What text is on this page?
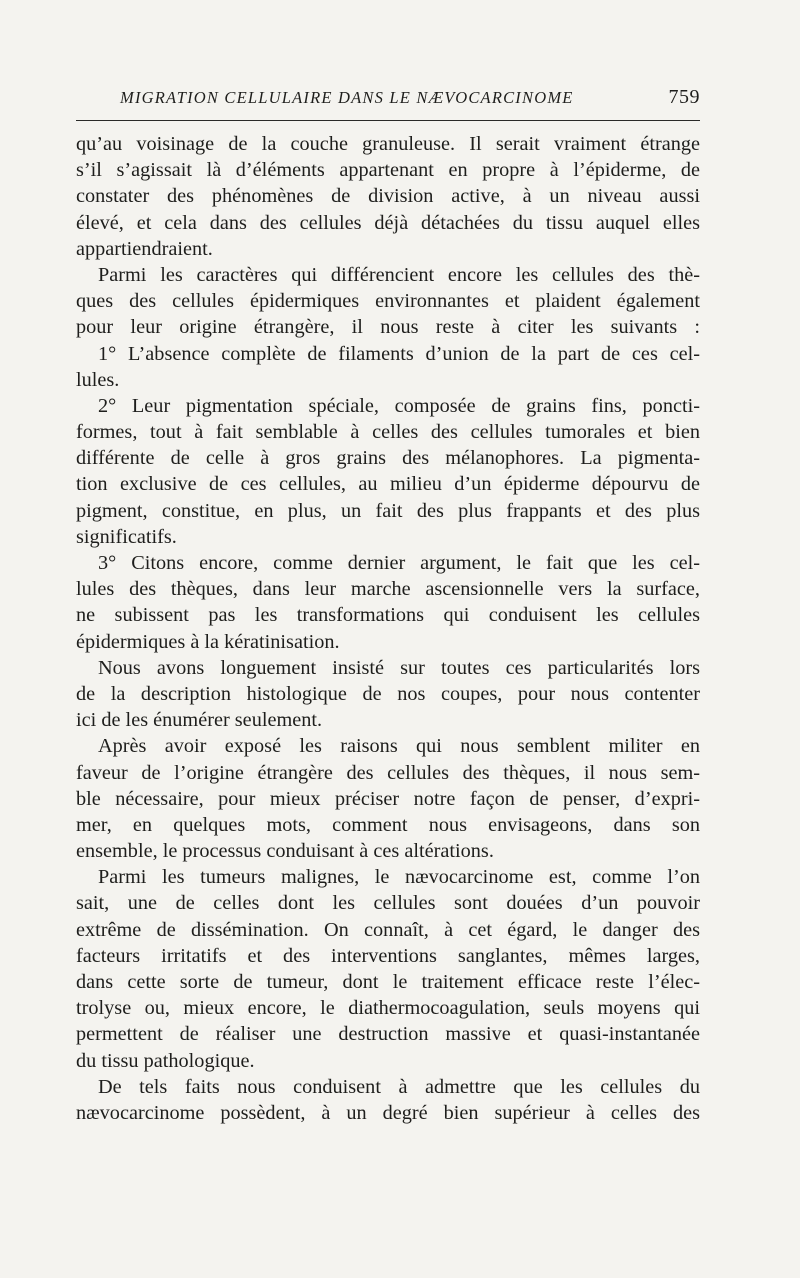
MIGRATION CELLULAIRE DANS LE NÆVOCARCINOME	759
qu’au voisinage de la couche granuleuse. Il serait vraiment étrange
s’il s’agissait là d’éléments appartenant en propre à l’épiderme, de
constater des phénomènes de division active, à un niveau aussi
élevé, et cela dans des cellules déjà détachées du tissu auquel elles
appartiendraient.
Parmi les caractères qui différencient encore les cellules des thè-
ques des cellules épidermiques environnantes et plaident également
pour leur origine étrangère, il nous reste à citer les suivants :
1° L’absence complète de filaments d’union de la part de ces cel-
lules.
2° Leur pigmentation spéciale, composée de grains fins, poncti-
formes, tout à fait semblable à celles des cellules tumorales et bien
différente de celle à gros grains des mélanophores. La pigmenta-
tion exclusive de ces cellules, au milieu d’un épiderme dépourvu de
pigment, constitue, en plus, un fait des plus frappants et des plus
significatifs.
3° Citons encore, comme dernier argument, le fait que les cel-
lules des thèques, dans leur marche ascensionnelle vers la surface,
ne subissent pas les transformations qui conduisent les cellules
épidermiques à la kératinisation.
Nous avons longuement insisté sur toutes ces particularités lors
de la description histologique de nos coupes, pour nous contenter
ici de les énumérer seulement.
Après avoir exposé les raisons qui nous semblent militer en
faveur de l’origine étrangère des cellules des thèques, il nous sem-
ble nécessaire, pour mieux préciser notre façon de penser, d’expri-
mer, en quelques mots, comment nous envisageons, dans son
ensemble, le processus conduisant à ces altérations.
Parmi les tumeurs malignes, le nævocarcinome est, comme l’on
sait, une de celles dont les cellules sont douées d’un pouvoir
extrême de dissémination. On connaît, à cet égard, le danger des
facteurs irritatifs et des interventions sanglantes, mêmes larges,
dans cette sorte de tumeur, dont le traitement efficace reste l’élec-
trolyse ou, mieux encore, le diathermocoagulation, seuls moyens qui
permettent de réaliser une destruction massive et quasi-instantanée
du tissu pathologique.
De tels faits nous conduisent à admettre que les cellules du
nævocarcinome possèdent, à un degré bien supérieur à celles des
